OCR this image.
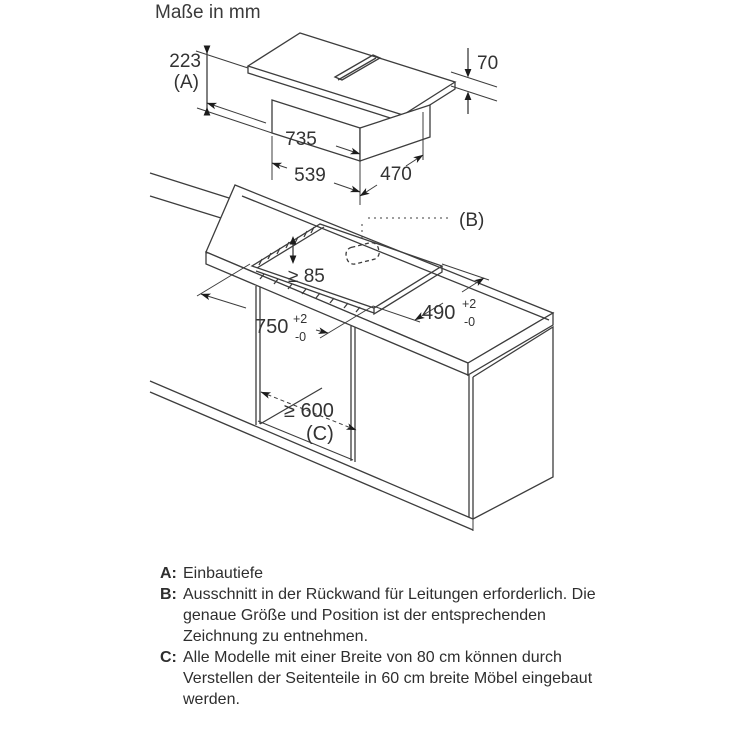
Maße in mm
223
(A)
70
735
539	470
≥ 85
(B)
750 +2
-0
490 +2
-0
≥ 600
(C)
A: Einbautiefe
B: Ausschnitt in der Rückwand für Leitungen erforderlich. Die genaue Größe und Position ist der entsprechenden Zeichnung zu entnehmen.
C: Alle Modelle mit einer Breite von 80 cm können durch Verstellen der Seitenteile in 60 cm breite Möbel eingebaut werden.
